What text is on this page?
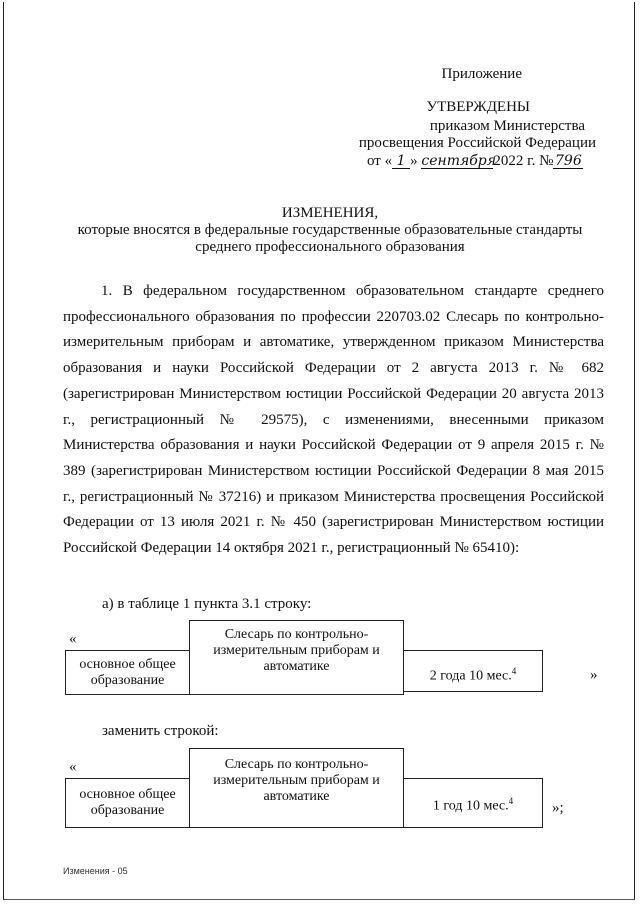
Приложение
УТВЕРЖДЕНЫ
приказом Министерства
просвещения Российской Федерации
от « 1 » сентября2022 г. № 796
ИЗМЕНЕНИЯ,
которые вносятся в федеральные государственные образовательные стандарты
среднего профессионального образования
1. В федеральном государственном образовательном стандарте среднего профессионального образования по профессии 220703.02 Слесарь по контрольно-измерительным приборам и автоматике, утвержденном приказом Министерства образования и науки Российской Федерации от 2 августа 2013 г. № 682 (зарегистрирован Министерством юстиции Российской Федерации 20 августа 2013 г., регистрационный № 29575), с изменениями, внесенными приказом Министерства образования и науки Российской Федерации от 9 апреля 2015 г. № 389 (зарегистрирован Министерством юстиции Российской Федерации 8 мая 2015 г., регистрационный № 37216) и приказом Министерства просвещения Российской Федерации от 13 июля 2021 г. № 450 (зарегистрирован Министерством юстиции Российской Федерации 14 октября 2021 г., регистрационный № 65410):
а) в таблице 1 пункта 3.1 строку:
«	Слесарь по контрольно-измерительным приборам и автоматике
основное общее образование	2 года 10 мес.$^4$	»
заменить строкой:
«	Слесарь по контрольно-измерительным приборам и автоматике
основное общее образование	1 год 10 мес.$^4$	»;
Изменения - 05
